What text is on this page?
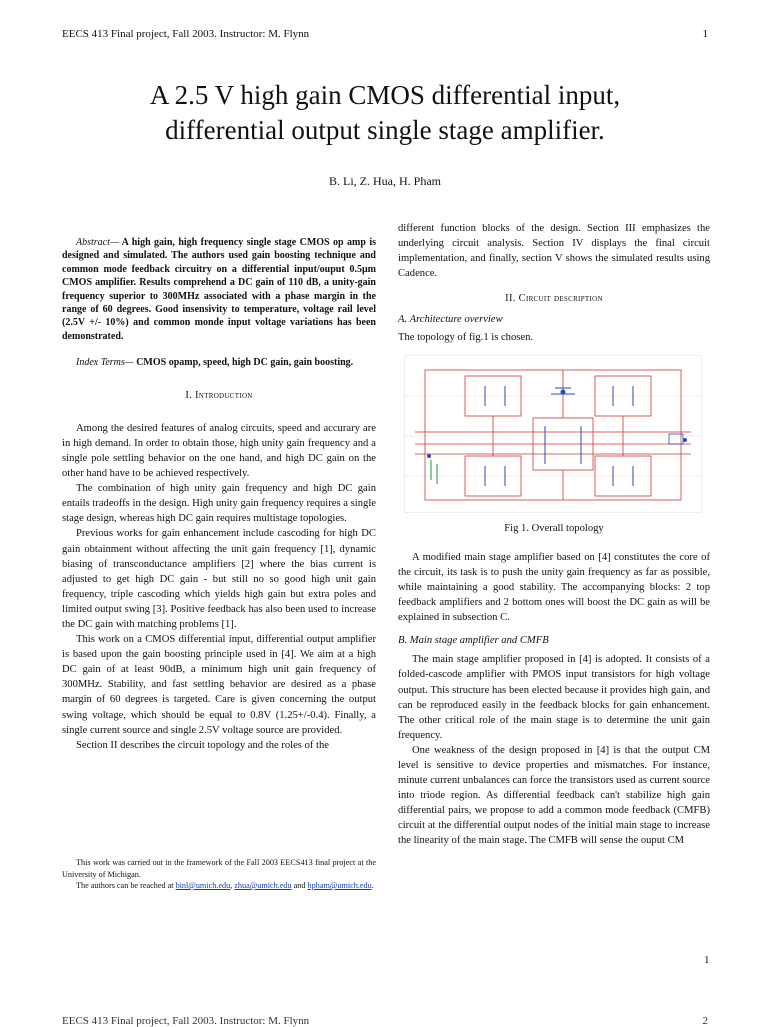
EECS 413 Final project, Fall 2003. Instructor: M. Flynn	1
A 2.5 V high gain CMOS differential input,
differential output single stage amplifier.
B. Li, Z. Hua, H. Pham
Abstract— A high gain, high frequency single stage CMOS op amp is designed and simulated. The authors used gain boosting technique and common mode feedback circuitry on a differential input/ouput 0.5μm CMOS amplifier. Results comprehend a DC gain of 110 dB, a unity-gain frequency superior to 300MHz associated with a phase margin in the range of 60 degrees. Good insensivity to temperature, voltage rail level (2.5V +/- 10%) and common monde input voltage variations has been demonstrated.
Index Terms— CMOS opamp, speed, high DC gain, gain boosting.
I. Introduction

Among the desired features of analog circuits, speed and accurary are in high demand. In order to obtain those, high unity gain frequency and a single pole settling behavior on the one hand, and high DC gain on the other hand have to be achieved respectively.

The combination of high unity gain frequency and high DC gain entails tradeoffs in the design. High unity gain frequency requires a single stage design, whereas high DC gain requires multistage topologies.

Previous works for gain enhancement include cascoding for high DC gain obtainment without affecting the unit gain frequency [1], dynamic biasing of transconductance amplifiers [2] where the bias current is adjusted to get high DC gain - but still no so good high unit gain frequency, triple cascoding which yields high gain but extra poles and limited output swing [3]. Positive feedback has also been used to increase the DC gain with matching problems [1].

This work on a CMOS differential input, differential output amplifier is based upon the gain boosting principle used in [4]. We aim at a high DC gain of at least 90dB, a minimum high unit gain frequency of 300MHz. Stability, and fast settling behavior are desired as a phase margin of 60 degrees is targeted. Care is given concerning the output swing voltage, which should be equal to 0.8V (1.25+/-0.4). Finally, a single current source and single 2.5V voltage source are provided.

Section II describes the circuit topology and the roles of the

This work was carried out in the framework of the Fall 2003 EECS413 final project at the University of Michigan.

The authors can be reached at binl@umich.edu, zhua@umich.edu and hpham@umich.edu.

different function blocks of the design. Section III emphasizes the underlying circuit analysis. Section IV displays the final circuit implementation, and finally, section V shows the simulated results using Cadence.

II. Circuit description
A. Architecture overview

The topology of fig.1 is chosen.

Fig 1. Overall topology

A modified main stage amplifier based on [4] constitutes the core of the circuit, its task is to push the unity gain frequency as far as possible, while maintaining a good stability. The accompanying blocks: 2 top feedback amplifiers and 2 bottom ones will boost the DC gain as will be explained in subsection C.

B. Main stage amplifier and CMFB

The main stage amplifier proposed in [4] is adopted. It consists of a folded-cascode amplifier with PMOS input transistors for high voltage output. This structure has been elected because it provides high gain, and can be reproduced easily in the feedback blocks for gain enhancement. The other critical role of the main stage is to determine the unit gain frequency.

One weakness of the design proposed in [4] is that the output CM level is sensitive to device properties and mismatches. For instance, minute current unbalances can force the transistors used as current source into triode region. As differential feedback can't stabilize high gain differential pairs, we propose to add a common mode feedback (CMFB) circuit at the differential output nodes of the initial main stage to increase the linearity of the main stage. The CMFB will sense the ouput CM

1
EECS 413 Final project, Fall 2003. Instructor: M. Flynn	2
